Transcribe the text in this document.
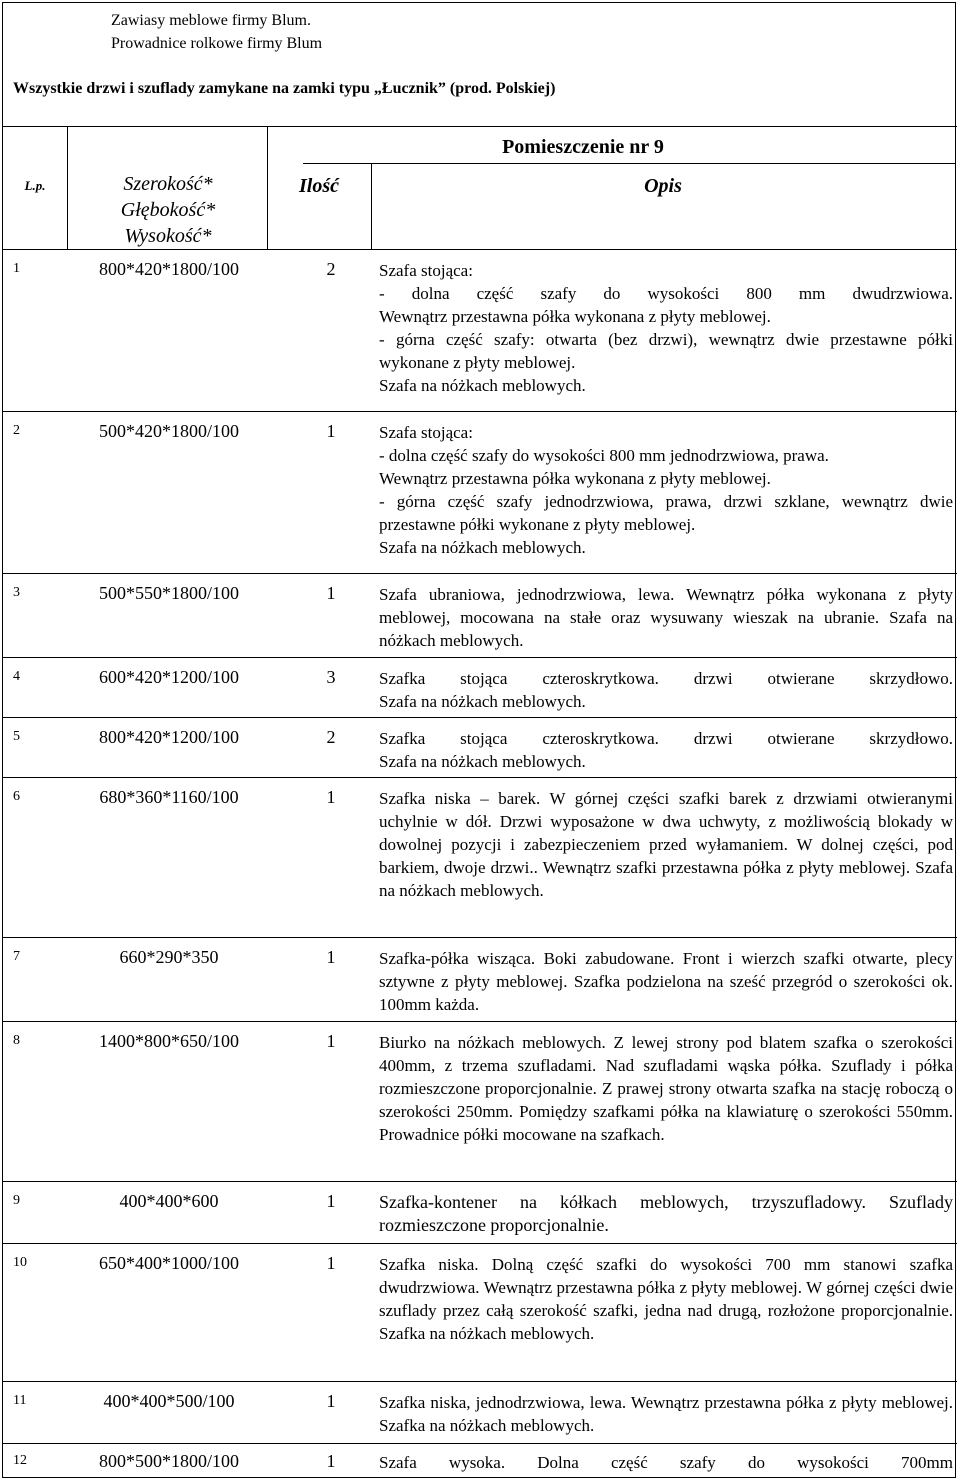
Zawiasy meblowe firmy Blum.
Prowadnice rolkowe firmy Blum
Wszystkie drzwi i szuflady zamykane na zamki typu „Łucznik” (prod. Polskiej)
Pomieszczenie nr 9
L.p.	Szerokość*
Głębokość*
Wysokość*
Ilość	Opis
1	800*420*1800/100	2	Szafa stojąca:

- dolna część szafy do wysokości 800 mm dwudrzwiowa.

Wewnątrz przestawna półka wykonana z płyty meblowej.

- górna część szafy: otwarta (bez drzwi), wewnątrz dwie przestawne półki wykonane z płyty meblowej.

Szafa na nóżkach meblowych.

2	500*420*1800/100	1	Szafa stojąca:

- dolna część szafy do wysokości 800 mm jednodrzwiowa, prawa.

Wewnątrz przestawna półka wykonana z płyty meblowej.

- górna część szafy jednodrzwiowa, prawa, drzwi szklane, wewnątrz dwie przestawne półki wykonane z płyty meblowej.

Szafa na nóżkach meblowych.

3	500*550*1800/100	1	Szafa ubraniowa, jednodrzwiowa, lewa. Wewnątrz półka wykonana z płyty meblowej, mocowana na stałe oraz wysuwany wieszak na ubranie. Szafa na nóżkach meblowych.

4	600*420*1200/100	3	Szafka stojąca czteroskrytkowa. drzwi otwierane skrzydłowo.

Szafa na nóżkach meblowych.

5	800*420*1200/100	2	Szafka stojąca czteroskrytkowa. drzwi otwierane skrzydłowo.

Szafa na nóżkach meblowych.

6	680*360*1160/100	1	Szafka niska – barek. W górnej części szafki barek z drzwiami otwieranymi uchylnie w dół. Drzwi wyposażone w dwa uchwyty, z możliwością blokady w dowolnej pozycji i zabezpieczeniem przed wyłamaniem. W dolnej części, pod barkiem, dwoje drzwi.. Wewnątrz szafki przestawna półka z płyty meblowej. Szafa na nóżkach meblowych.

7	660*290*350	1	Szafka-półka wisząca. Boki zabudowane. Front i wierzch szafki otwarte, plecy sztywne z płyty meblowej. Szafka podzielona na sześć przegród o szerokości ok. 100mm każda.

8	1400*800*650/100	1	Biurko na nóżkach meblowych. Z lewej strony pod blatem szafka o szerokości 400mm, z trzema szufladami. Nad szufladami wąska półka. Szuflady i półka rozmieszczone proporcjonalnie. Z prawej strony otwarta szafka na stację roboczą o szerokości 250mm. Pomiędzy szafkami półka na klawiaturę o szerokości 550mm. Prowadnice półki mocowane na szafkach.

9	400*400*600	1	Szafka-kontener na kółkach meblowych, trzyszufladowy. Szuflady rozmieszczone proporcjonalnie.

10	650*400*1000/100	1	Szafka niska. Dolną część szafki do wysokości 700 mm stanowi szafka dwudrzwiowa. Wewnątrz przestawna półka z płyty meblowej. W górnej części dwie szuflady przez całą szerokość szafki, jedna nad drugą, rozłożone proporcjonalnie. Szafka na nóżkach meblowych.

11	400*400*500/100	1	Szafka niska, jednodrzwiowa, lewa. Wewnątrz przestawna półka z płyty meblowej. Szafka na nóżkach meblowych.

12	800*500*1800/100	1	Szafa wysoka. Dolna część szafy do wysokości 700mm
